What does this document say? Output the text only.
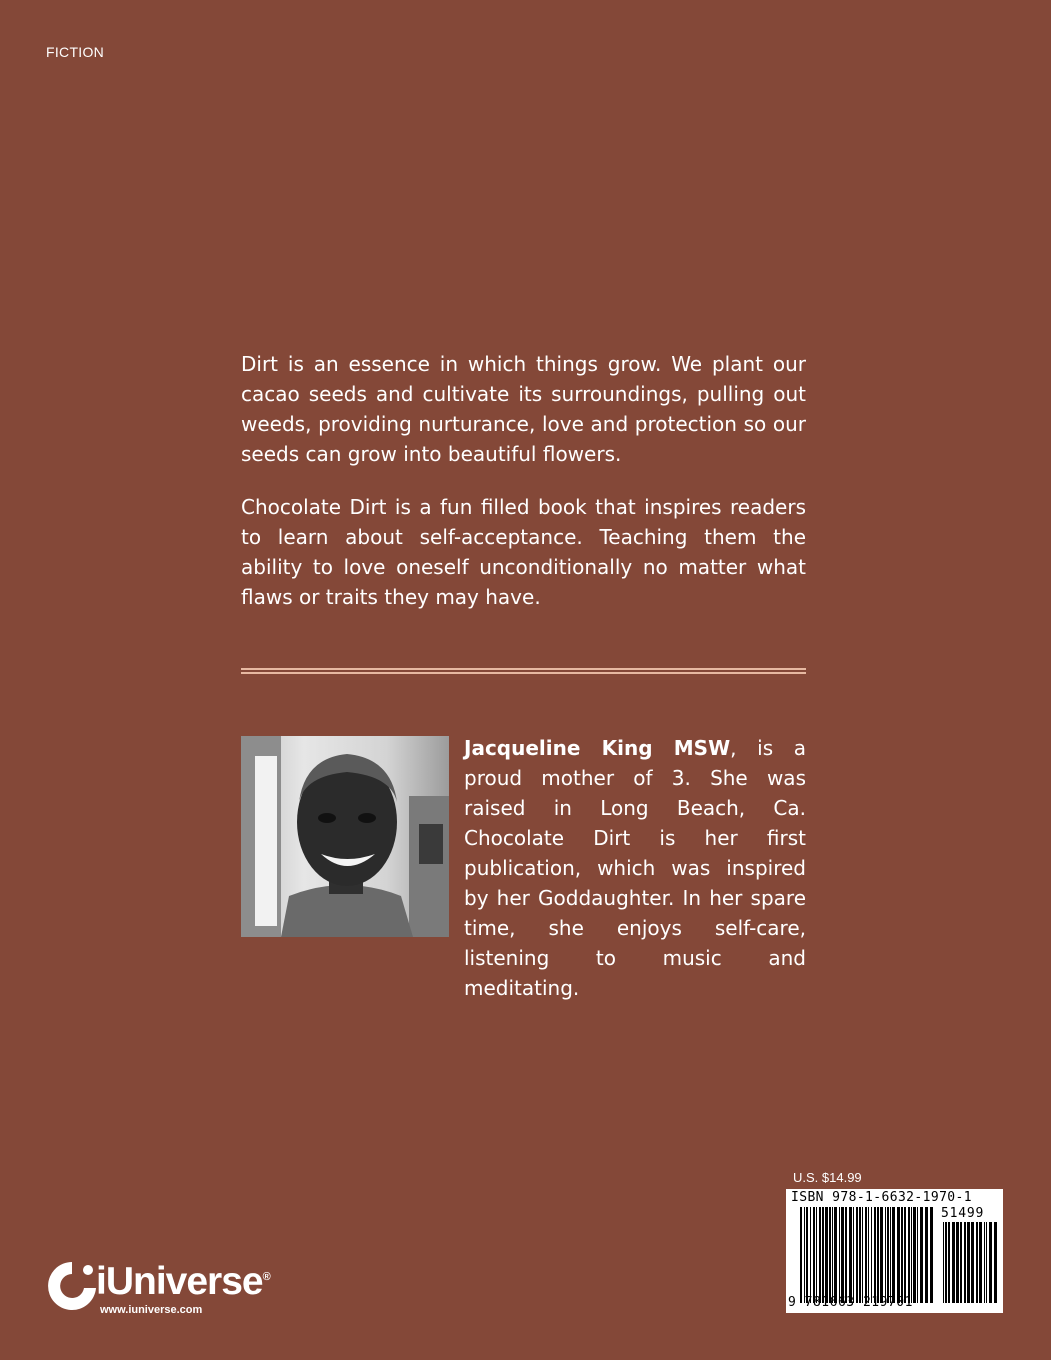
FICTION

Dirt is an essence in which things grow. We plant our cacao seeds and cultivate its surroundings, pulling out weeds, providing nurturance, love and protection so our seeds can grow into beautiful flowers.

Chocolate Dirt is a fun filled book that inspires readers to learn about self-acceptance. Teaching them the ability to love oneself unconditionally no matter what flaws or traits they may have.

Jacqueline King MSW, is a proud mother of 3. She was raised in Long Beach, Ca. Chocolate Dirt is her first publication, which was inspired by her Goddaughter. In her spare time, she enjoys self-care, listening to music and meditating.
U.S. $14.99
ISBN 978-1-6632-1970-1
51499
9 781663 219701
iUniverse®
www.iuniverse.com
